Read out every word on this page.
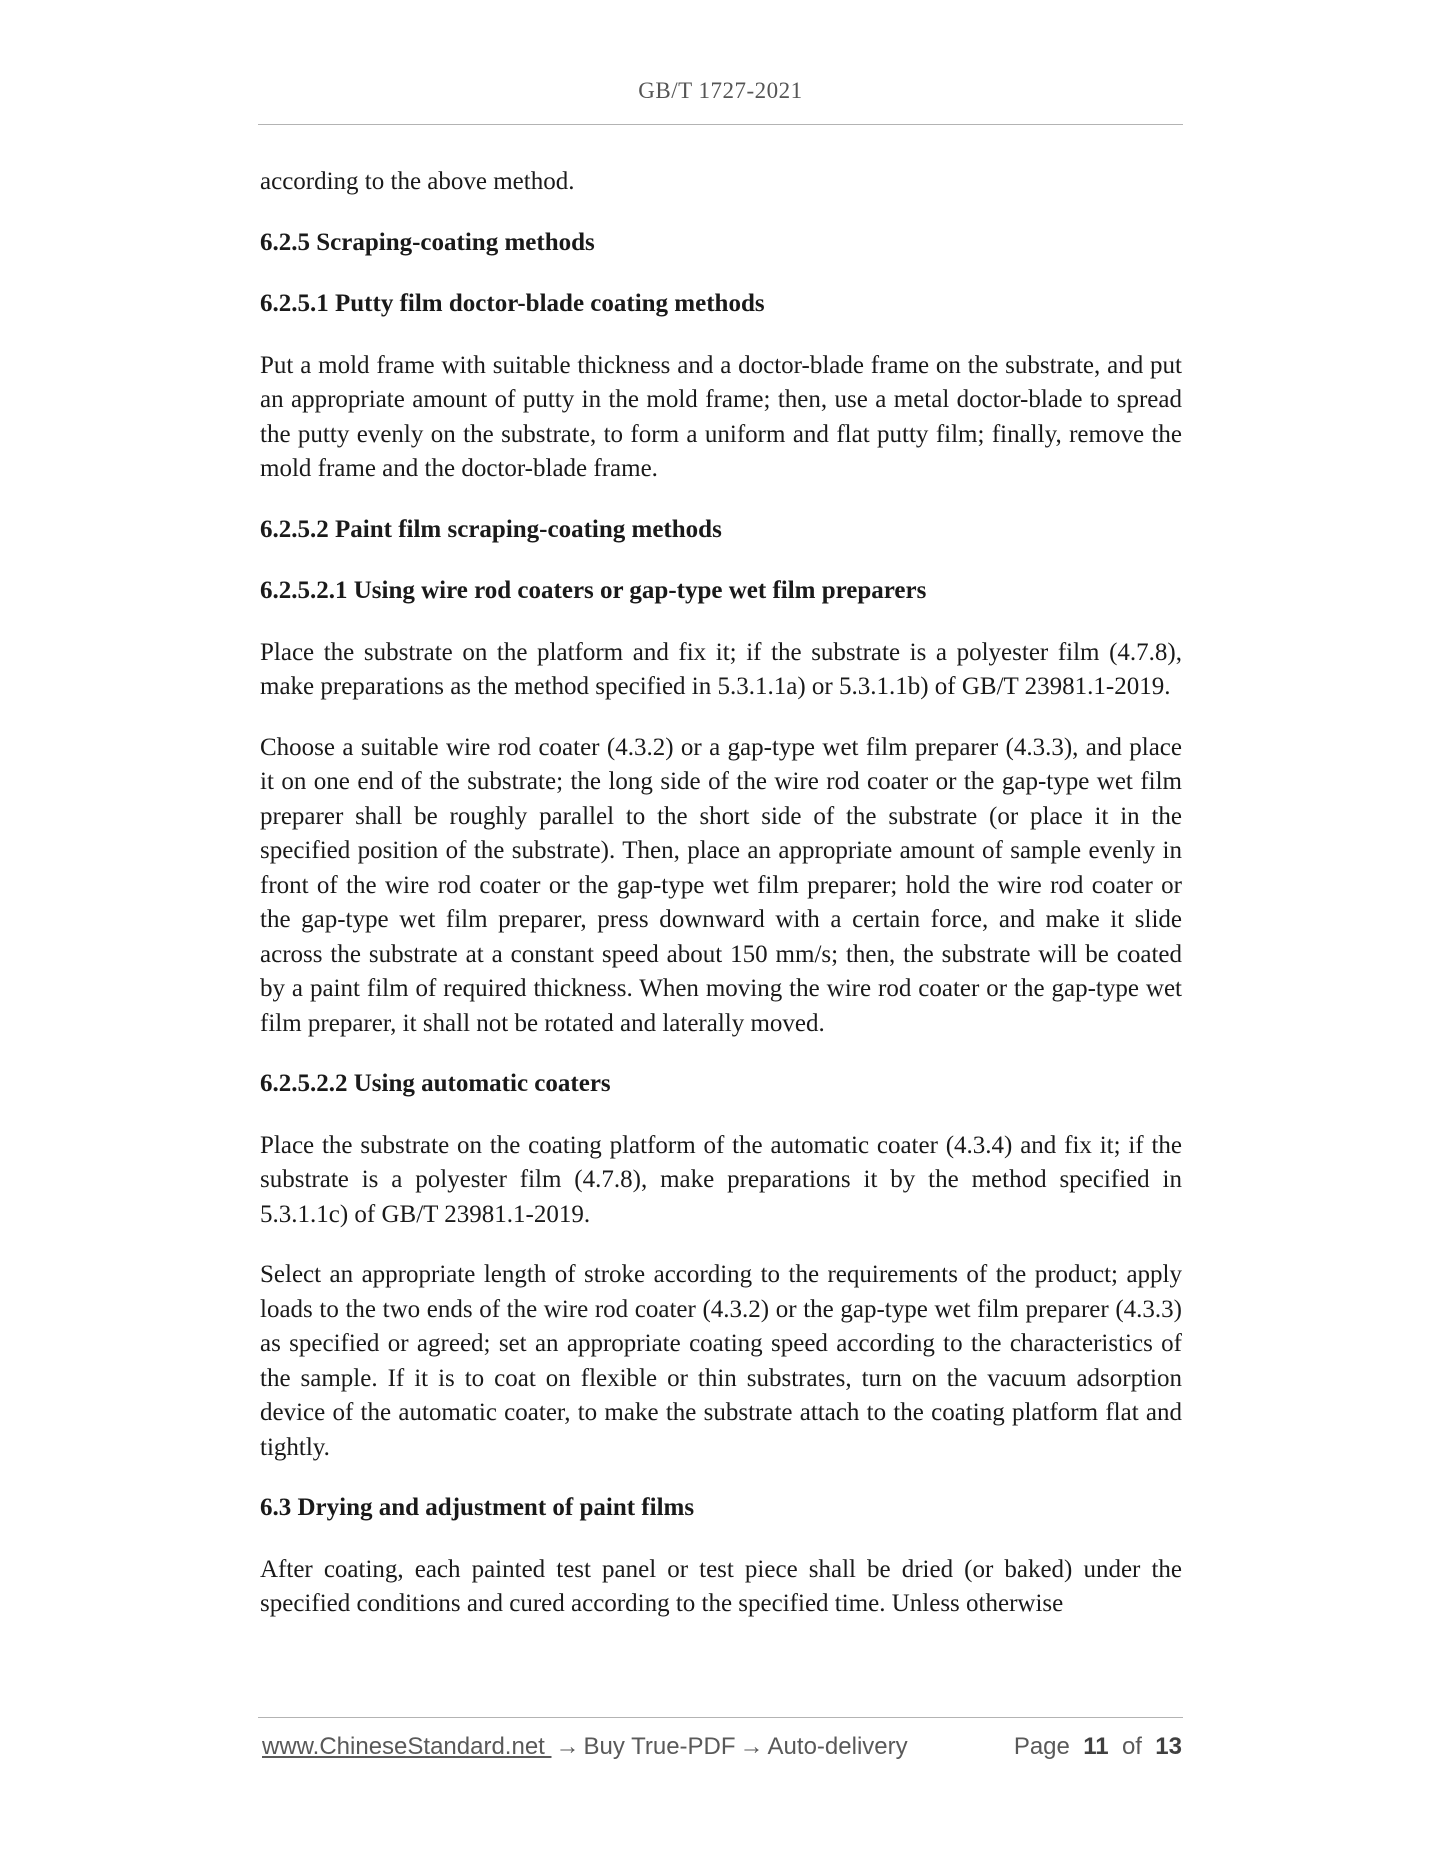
GB/T 1727-2021

according to the above method.

6.2.5 Scraping-coating methods
6.2.5.1 Putty film doctor-blade coating methods

Put a mold frame with suitable thickness and a doctor-blade frame on the substrate, and put an appropriate amount of putty in the mold frame; then, use a metal doctor-blade to spread the putty evenly on the substrate, to form a uniform and flat putty film; finally, remove the mold frame and the doctor-blade frame.

6.2.5.2 Paint film scraping-coating methods
6.2.5.2.1 Using wire rod coaters or gap-type wet film preparers

Place the substrate on the platform and fix it; if the substrate is a polyester film (4.7.8), make preparations as the method specified in 5.3.1.1a) or 5.3.1.1b) of GB/T 23981.1-2019.

Choose a suitable wire rod coater (4.3.2) or a gap-type wet film preparer (4.3.3), and place it on one end of the substrate; the long side of the wire rod coater or the gap-type wet film preparer shall be roughly parallel to the short side of the substrate (or place it in the specified position of the substrate). Then, place an appropriate amount of sample evenly in front of the wire rod coater or the gap-type wet film preparer; hold the wire rod coater or the gap-type wet film preparer, press downward with a certain force, and make it slide across the substrate at a constant speed about 150 mm/s; then, the substrate will be coated by a paint film of required thickness. When moving the wire rod coater or the gap-type wet film preparer, it shall not be rotated and laterally moved.

6.2.5.2.2 Using automatic coaters

Place the substrate on the coating platform of the automatic coater (4.3.4) and fix it; if the substrate is a polyester film (4.7.8), make preparations it by the method specified in 5.3.1.1c) of GB/T 23981.1-2019.

Select an appropriate length of stroke according to the requirements of the product; apply loads to the two ends of the wire rod coater (4.3.2) or the gap-type wet film preparer (4.3.3) as specified or agreed; set an appropriate coating speed according to the characteristics of the sample. If it is to coat on flexible or thin substrates, turn on the vacuum adsorption device of the automatic coater, to make the substrate attach to the coating platform flat and tightly.

6.3 Drying and adjustment of paint films

After coating, each painted test panel or test piece shall be dried (or baked) under the specified conditions and cured according to the specified time. Unless otherwise

www.ChineseStandard.net → Buy True-PDF → Auto-delivery	Page 11 of 13
